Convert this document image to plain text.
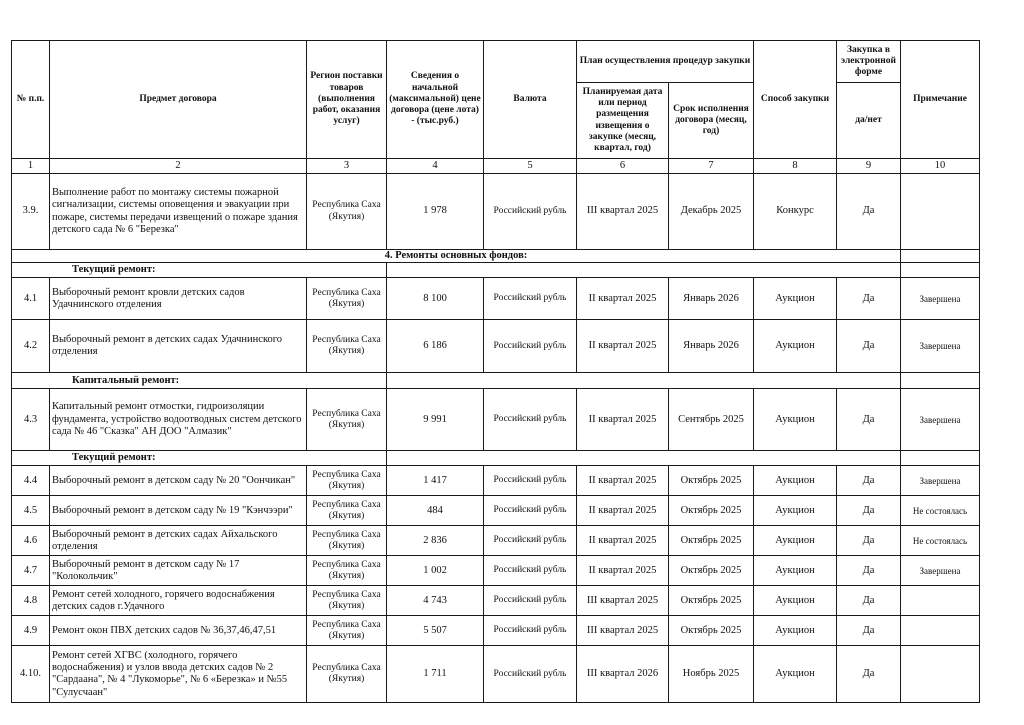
№ п.п.	Предмет договора	Регион поставки товаров (выполнения работ, оказания услуг)	Сведения о начальной (максимальной) цене договора (цене лота) - (тыс.руб.)	Валюта	План осуществления процедур закупки		Способ закупки	Закупка в электронной форме	Примечание
					Планируемая дата или период размещения извещения о закупке (месяц, квартал, год)	Срок исполнения договора (месяц, год)		да/нет	
1	2	3	4	5	6	7	8	9	10
3.9.	Выполнение работ по монтажу системы пожарной сигнализации, системы оповещения и эвакуации при пожаре, системы передачи извещений о пожаре здания детского сада № 6 "Березка"	Республика Саха (Якутия)	1 978	Российский рубль	III квартал 2025	Декабрь 2025	Конкурс	Да	
4. Ремонты основных фондов:									
Текущий ремонт:									
4.1	Выборочный ремонт кровли детских садов Удачнинского отделения	Республика Саха (Якутия)	8 100	Российский рубль	II квартал 2025	Январь 2026	Аукцион	Да	Завершена
4.2	Выборочный ремонт в детских садах Удачнинского отделения	Республика Саха (Якутия)	6 186	Российский рубль	II квартал 2025	Январь 2026	Аукцион	Да	Завершена
Капитальный ремонт:									
4.3	Капитальный ремонт отмостки, гидроизоляции фундамента, устройство водоотводных систем детского сада № 46 "Сказка" АН ДОО "Алмазик"	Республика Саха (Якутия)	9 991	Российский рубль	II квартал 2025	Сентябрь 2025	Аукцион	Да	Завершена
Текущий ремонт:									
4.4	Выборочный ремонт в детском саду № 20 "Оончикан"	Республика Саха (Якутия)	1 417	Российский рубль	II квартал 2025	Октябрь 2025	Аукцион	Да	Завершена
4.5	Выборочный ремонт в детском саду № 19 "Кэнчээри"	Республика Саха (Якутия)	484	Российский рубль	II квартал 2025	Октябрь 2025	Аукцион	Да	Не состоялась
4.6	Выборочный ремонт в детских садах Айхальского отделения	Республика Саха (Якутия)	2 836	Российский рубль	II квартал 2025	Октябрь 2025	Аукцион	Да	Не состоялась
4.7	Выборочный ремонт в детском саду № 17 "Колокольчик"	Республика Саха (Якутия)	1 002	Российский рубль	II квартал 2025	Октябрь 2025	Аукцион	Да	Завершена
4.8	Ремонт сетей холодного, горячего водоснабжения детских садов г.Удачного	Республика Саха (Якутия)	4 743	Российский рубль	III квартал 2025	Октябрь 2025	Аукцион	Да	
4.9	Ремонт окон ПВХ детских садов № 36,37,46,47,51	Республика Саха (Якутия)	5 507	Российский рубль	III квартал 2025	Октябрь 2025	Аукцион	Да	
4.10.	Ремонт сетей ХГВС (холодного, горячего водоснабжения) и узлов ввода детских садов № 2 "Сардаана", № 4 "Лукоморье", № 6 «Березка» и №55 "Сулусчаан"	Республика Саха (Якутия)	1 711	Российский рубль	III квартал 2026	Ноябрь 2025	Аукцион	Да	
